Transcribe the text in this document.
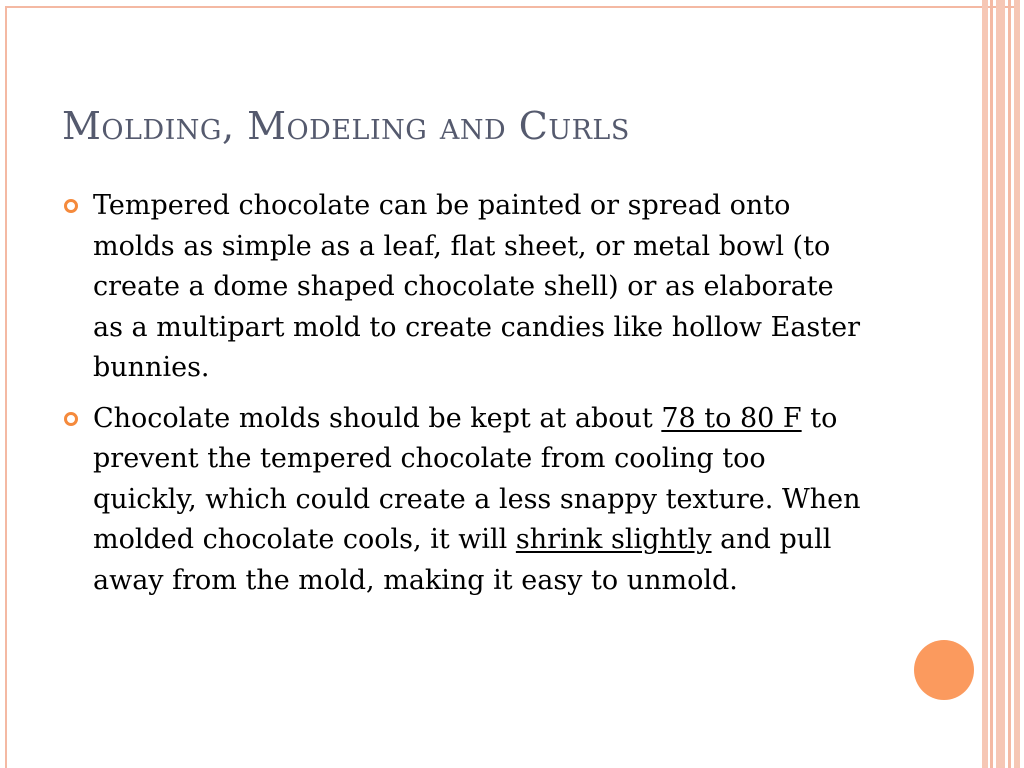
Molding, Modeling and Curls
Tempered chocolate can be painted or spread onto molds as simple as a leaf, flat sheet, or metal bowl (to create a dome shaped chocolate shell) or as elaborate as a multipart mold to create candies like hollow Easter bunnies.
Chocolate molds should be kept at about 78 to 80 F to prevent the tempered chocolate from cooling too quickly, which could create a less snappy texture. When molded chocolate cools, it will shrink slightly and pull away from the mold, making it easy to unmold.
